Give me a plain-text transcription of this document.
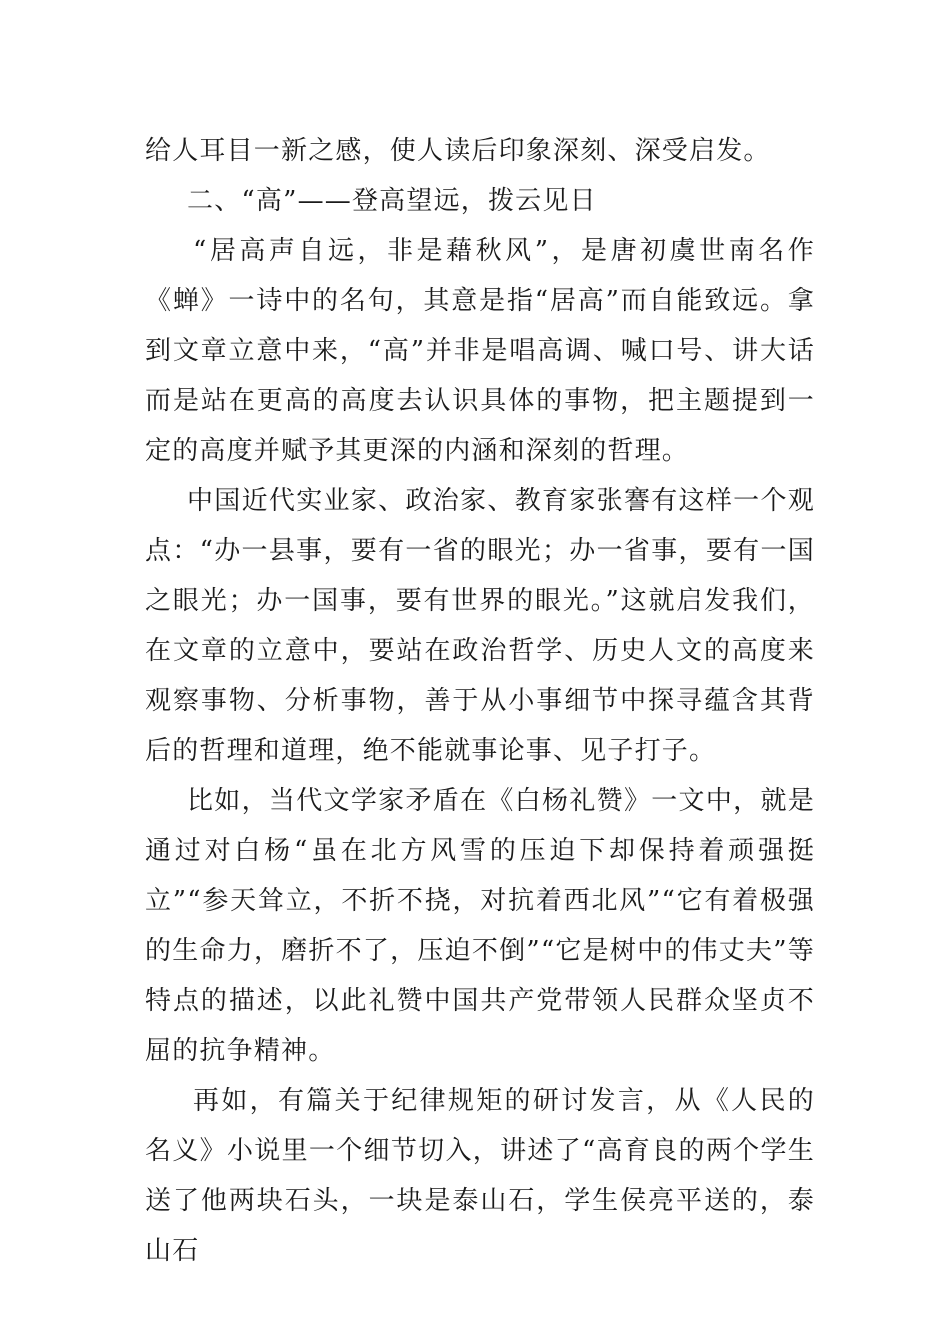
给人耳目一新之感，使人读后印象深刻、深受启发。

二、“高”——登高望远，拨云见日

“居高声自远，非是藉秋风”，是唐初虞世南名作《蝉》一诗中的名句，其意是指“居高”而自能致远。拿到文章立意中来，“高”并非是唱高调、喊口号、讲大话而是站在更高的高度去认识具体的事物，把主题提到一定的高度并赋予其更深的内涵和深刻的哲理。

中国近代实业家、政治家、教育家张謇有这样一个观点：“办一县事，要有一省的眼光；办一省事，要有一国之眼光；办一国事，要有世界的眼光。”这就启发我们，在文章的立意中，要站在政治哲学、历史人文的高度来观察事物、分析事物，善于从小事细节中探寻蕴含其背后的哲理和道理，绝不能就事论事、见子打子。

比如，当代文学家矛盾在《白杨礼赞》一文中，就是通过对白杨“虽在北方风雪的压迫下却保持着顽强挺立”“参天耸立，不折不挠，对抗着西北风”“它有着极强的生命力，磨折不了，压迫不倒”“它是树中的伟丈夫”等特点的描述，以此礼赞中国共产党带领人民群众坚贞不屈的抗争精神。

再如，有篇关于纪律规矩的研讨发言，从《人民的名义》小说里一个细节切入，讲述了“高育良的两个学生送了他两块石头，一块是泰山石，学生侯亮平送的，泰山石
